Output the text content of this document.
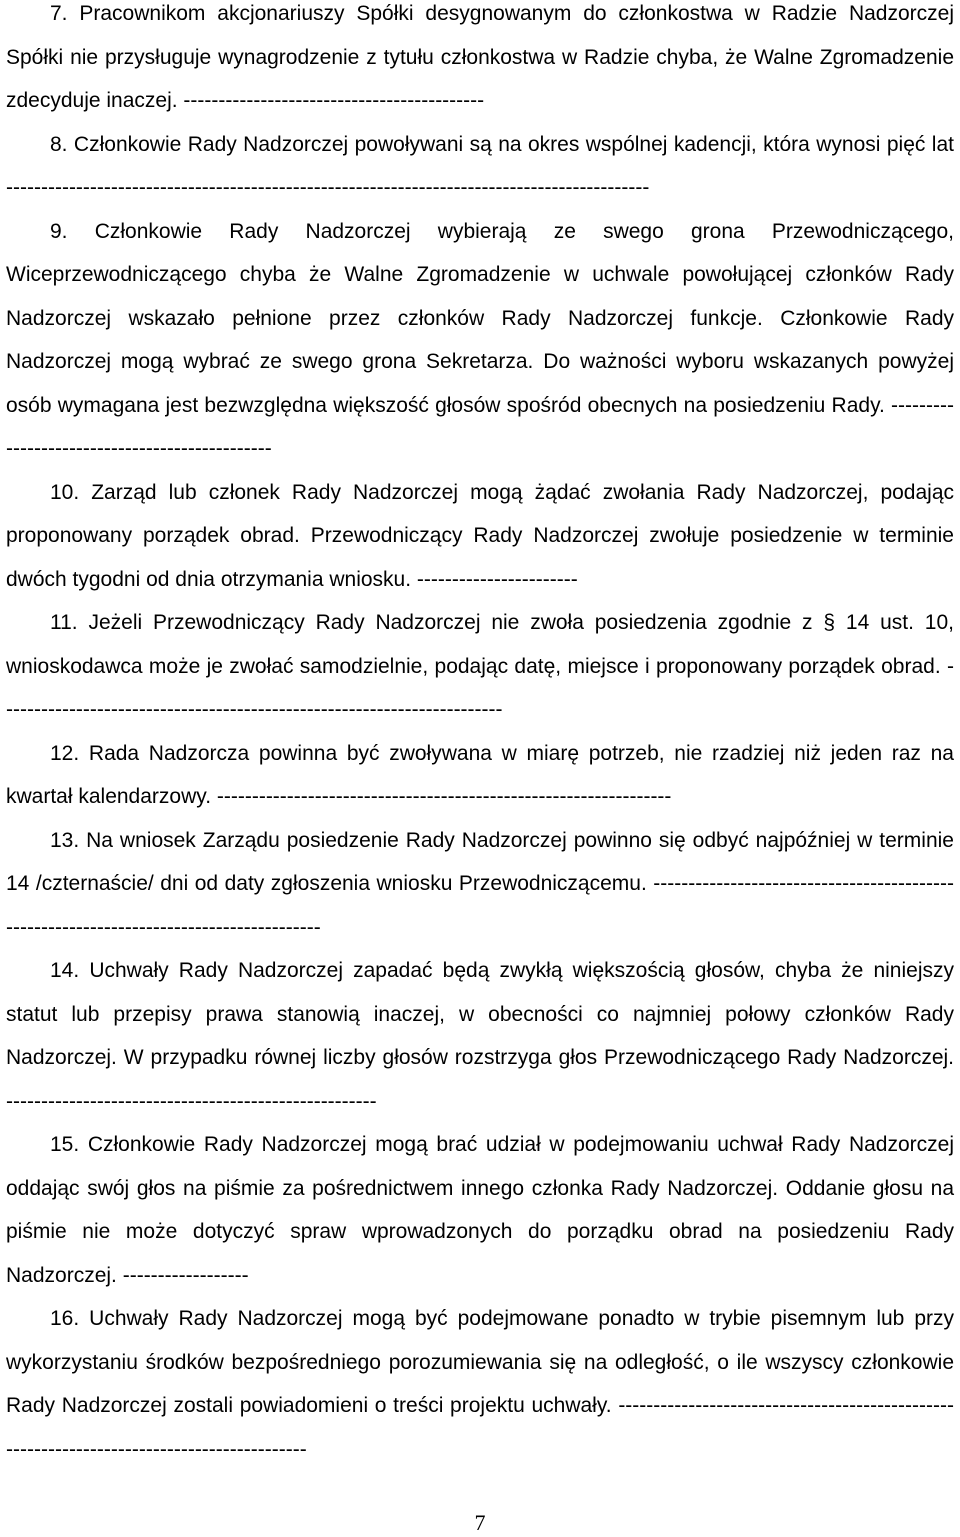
7. Pracownikom akcjonariuszy Spółki desygnowanym do członkostwa w Radzie Nadzorczej Spółki nie przysługuje wynagrodzenie z tytułu członkostwa w Radzie chyba, że Walne Zgromadzenie zdecyduje inaczej. -------------------------------------------

8. Członkowie Rady Nadzorczej powoływani są na okres wspólnej kadencji, która wynosi pięć lat --------------------------------------------------------------------------------------------

9. Członkowie Rady Nadzorczej wybierają ze swego grona Przewodniczącego, Wiceprzewodniczącego chyba że Walne Zgromadzenie w uchwale powołującej członków Rady Nadzorczej wskazało pełnione przez członków Rady Nadzorczej funkcje. Członkowie Rady Nadzorczej mogą wybrać ze swego grona Sekretarza. Do ważności wyboru wskazanych powyżej osób wymagana jest bezwzględna większość głosów spośród obecnych na posiedzeniu Rady. -----------------------------------------------

10. Zarząd lub członek Rady Nadzorczej mogą żądać zwołania Rady Nadzorczej, podając proponowany porządek obrad. Przewodniczący Rady Nadzorczej zwołuje posiedzenie w terminie dwóch tygodni od dnia otrzymania wniosku. -----------------------

11. Jeżeli Przewodniczący Rady Nadzorczej nie zwoła posiedzenia zgodnie z § 14 ust. 10, wnioskodawca może je zwołać samodzielnie, podając datę, miejsce i proponowany porządek obrad. ------------------------------------------------------------------------

12. Rada Nadzorcza powinna być zwoływana w miarę potrzeb, nie rzadziej niż jeden raz na kwartał kalendarzowy. -----------------------------------------------------------------

13. Na wniosek Zarządu posiedzenie Rady Nadzorczej powinno się odbyć najpóźniej w terminie 14 /czternaście/ dni od daty zgłoszenia wniosku Przewodniczącemu. ----------------------------------------------------------------------------------------

14. Uchwały Rady Nadzorczej zapadać będą zwykłą większością głosów, chyba że niniejszy statut lub przepisy prawa stanowią inaczej, w obecności co najmniej połowy członków Rady Nadzorczej. W przypadku równej liczby głosów rozstrzyga głos Przewodniczącego Rady Nadzorczej. -----------------------------------------------------

15. Członkowie Rady Nadzorczej mogą brać udział w podejmowaniu uchwał Rady Nadzorczej oddając swój głos na piśmie za pośrednictwem innego członka Rady Nadzorczej. Oddanie głosu na piśmie nie może dotyczyć spraw wprowadzonych do porządku obrad na posiedzeniu Rady Nadzorczej. ------------------

16. Uchwały Rady Nadzorczej mogą być podejmowane ponadto w trybie pisemnym lub przy wykorzystaniu środków bezpośredniego porozumiewania się na odległość, o ile wszyscy członkowie Rady Nadzorczej zostali powiadomieni o treści projektu uchwały. -------------------------------------------------------------------------------------------

7
